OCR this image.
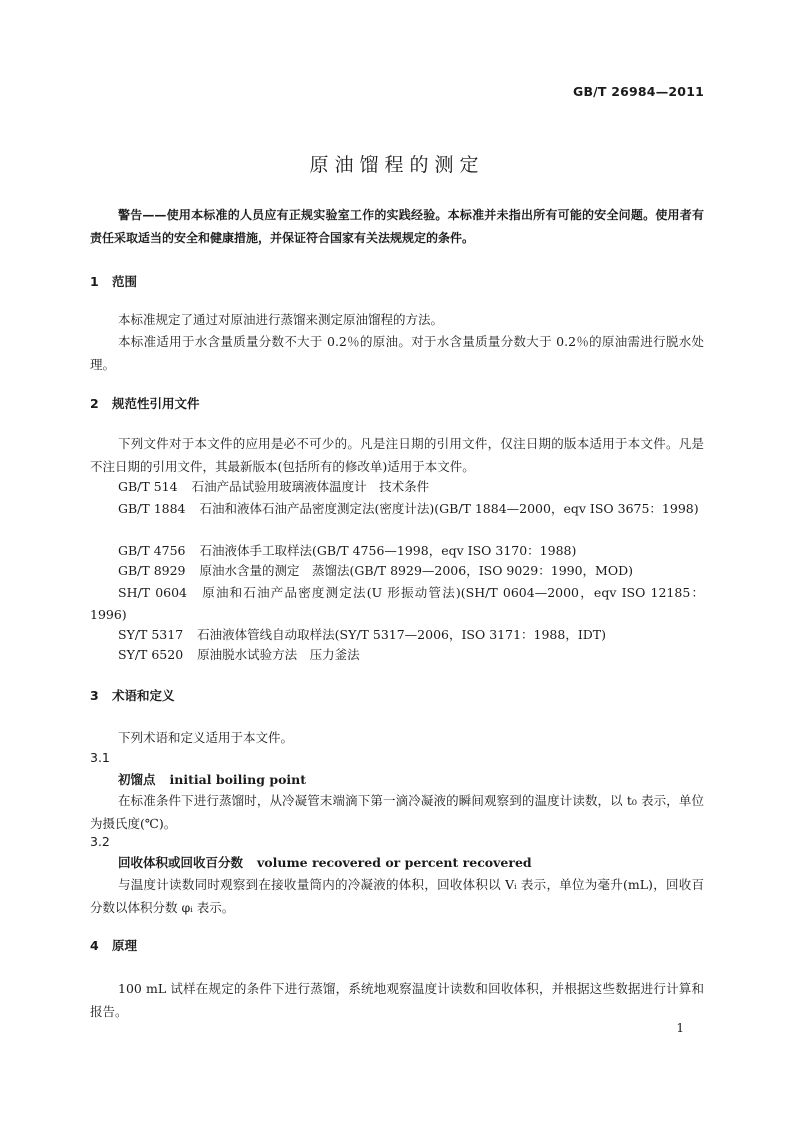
GB/T 26984—2011
原油馏程的测定
警告——使用本标准的人员应有正规实验室工作的实践经验。本标准并未指出所有可能的安全问题。使用者有责任采取适当的安全和健康措施，并保证符合国家有关法规规定的条件。
1 范围
本标准规定了通过对原油进行蒸馏来测定原油馏程的方法。
本标准适用于水含量质量分数不大于 0.2％的原油。对于水含量质量分数大于 0.2％的原油需进行脱水处理。
2 规范性引用文件
下列文件对于本文件的应用是必不可少的。凡是注日期的引用文件，仅注日期的版本适用于本文件。凡是不注日期的引用文件，其最新版本(包括所有的修改单)适用于本文件。
GB/T 514 石油产品试验用玻璃液体温度计　技术条件
GB/T 1884 石油和液体石油产品密度测定法(密度计法)(GB/T 1884—2000，eqv ISO 3675：1998)
GB/T 4756 石油液体手工取样法(GB/T 4756—1998，eqv ISO 3170：1988)
GB/T 8929 原油水含量的测定　蒸馏法(GB/T 8929—2006，ISO 9029：1990，MOD)
SH/T 0604 原油和石油产品密度测定法(U 形振动管法)(SH/T 0604—2000，eqv ISO 12185：1996)
SY/T 5317 石油液体管线自动取样法(SY/T 5317—2006，ISO 3171：1988，IDT)
SY/T 6520 原油脱水试验方法　压力釜法
3 术语和定义
下列术语和定义适用于本文件。
3.1
初馏点 initial boiling point
在标准条件下进行蒸馏时，从冷凝管末端滴下第一滴冷凝液的瞬间观察到的温度计读数，以 t₀ 表示，单位为摄氏度(℃)。
3.2
回收体积或回收百分数 volume recovered or percent recovered
与温度计读数同时观察到在接收量筒内的冷凝液的体积，回收体积以 Vᵢ 表示，单位为毫升(mL)，回收百分数以体积分数 φᵢ 表示。
4 原理
100 mL 试样在规定的条件下进行蒸馏，系统地观察温度计读数和回收体积，并根据这些数据进行计算和报告。
1
